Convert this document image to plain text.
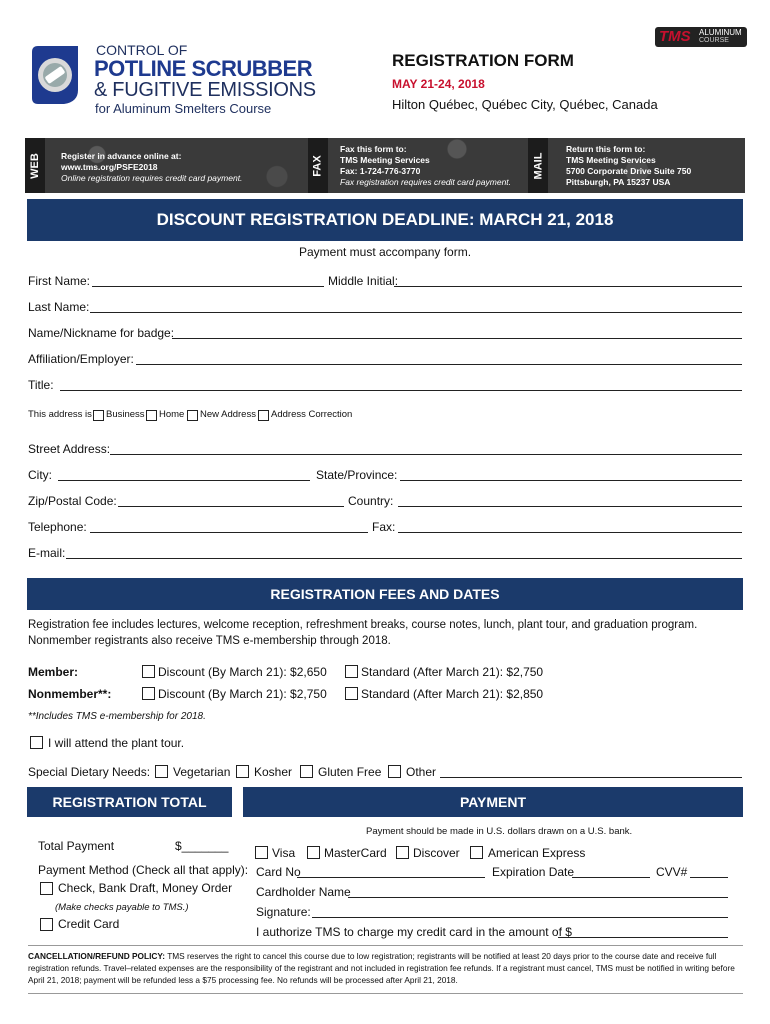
CONTROL OF
POTLINE SCRUBBER
& FUGITIVE EMISSIONS
for Aluminum Smelters Course
TMS ALUMINUM
COURSE
REGISTRATION FORM
MAY 21-24, 2018
Hilton Québec, Québec City, Québec, Canada
WEB Register in advance online at:
www.tms.org/PSFE2018
Online registration requires credit card payment.
FAX
Fax this form to:
TMS Meeting Services
Fax: 1-724-776-3770
Fax registration requires credit card payment.
MAIL
Return this form to:
TMS Meeting Services
5700 Corporate Drive Suite 750
Pittsburgh, PA 15237 USA
DISCOUNT REGISTRATION DEADLINE: MARCH 21, 2018
Payment must accompany form.
First Name:	Middle Initial:
Last Name:
Name/Nickname for badge:
Affiliation/Employer:
Title:
This address is Business Home New Address Address Correction
Street Address:
City:	State/Province:
Zip/Postal Code:	Country:
Telephone:	Fax:
E-mail:
REGISTRATION FEES AND DATES
Registration fee includes lectures, welcome reception, refreshment breaks, course notes, lunch, plant tour, and graduation program.
Nonmember registrants also receive TMS e-membership through 2018.
Member:	Discount (By March 21): $2,650	Standard (After March 21): $2,750
Nonmember**:	Discount (By March 21): $2,750	Standard (After March 21): $2,850
**Includes TMS e-membership for 2018.
I will attend the plant tour.
Special Dietary Needs: Vegetarian Kosher Gluten Free Other
REGISTRATION TOTAL
Total Payment	$_______
Payment Method (Check all that apply):
Check, Bank Draft, Money Order
(Make checks payable to TMS.)
Credit Card
PAYMENT
Payment should be made in U.S. dollars drawn on a U.S. bank.
Visa MasterCard Discover American Express
Card No	Expiration Date	CVV#
Cardholder Name
Signature:
I authorize TMS to charge my credit card in the amount of $
CANCELLATION/REFUND POLICY: TMS reserves the right to cancel this course due to low registration; registrants will be notified at least 20 days prior to the course date and receive full registration refunds. Travel–related expenses are the responsibility of the registrant and not included in registration fee refunds. If a registrant must cancel, TMS must be notified in writing before April 21, 2018; payment will be refunded less a $75 processing fee. No refunds will be processed after April 21, 2018.
